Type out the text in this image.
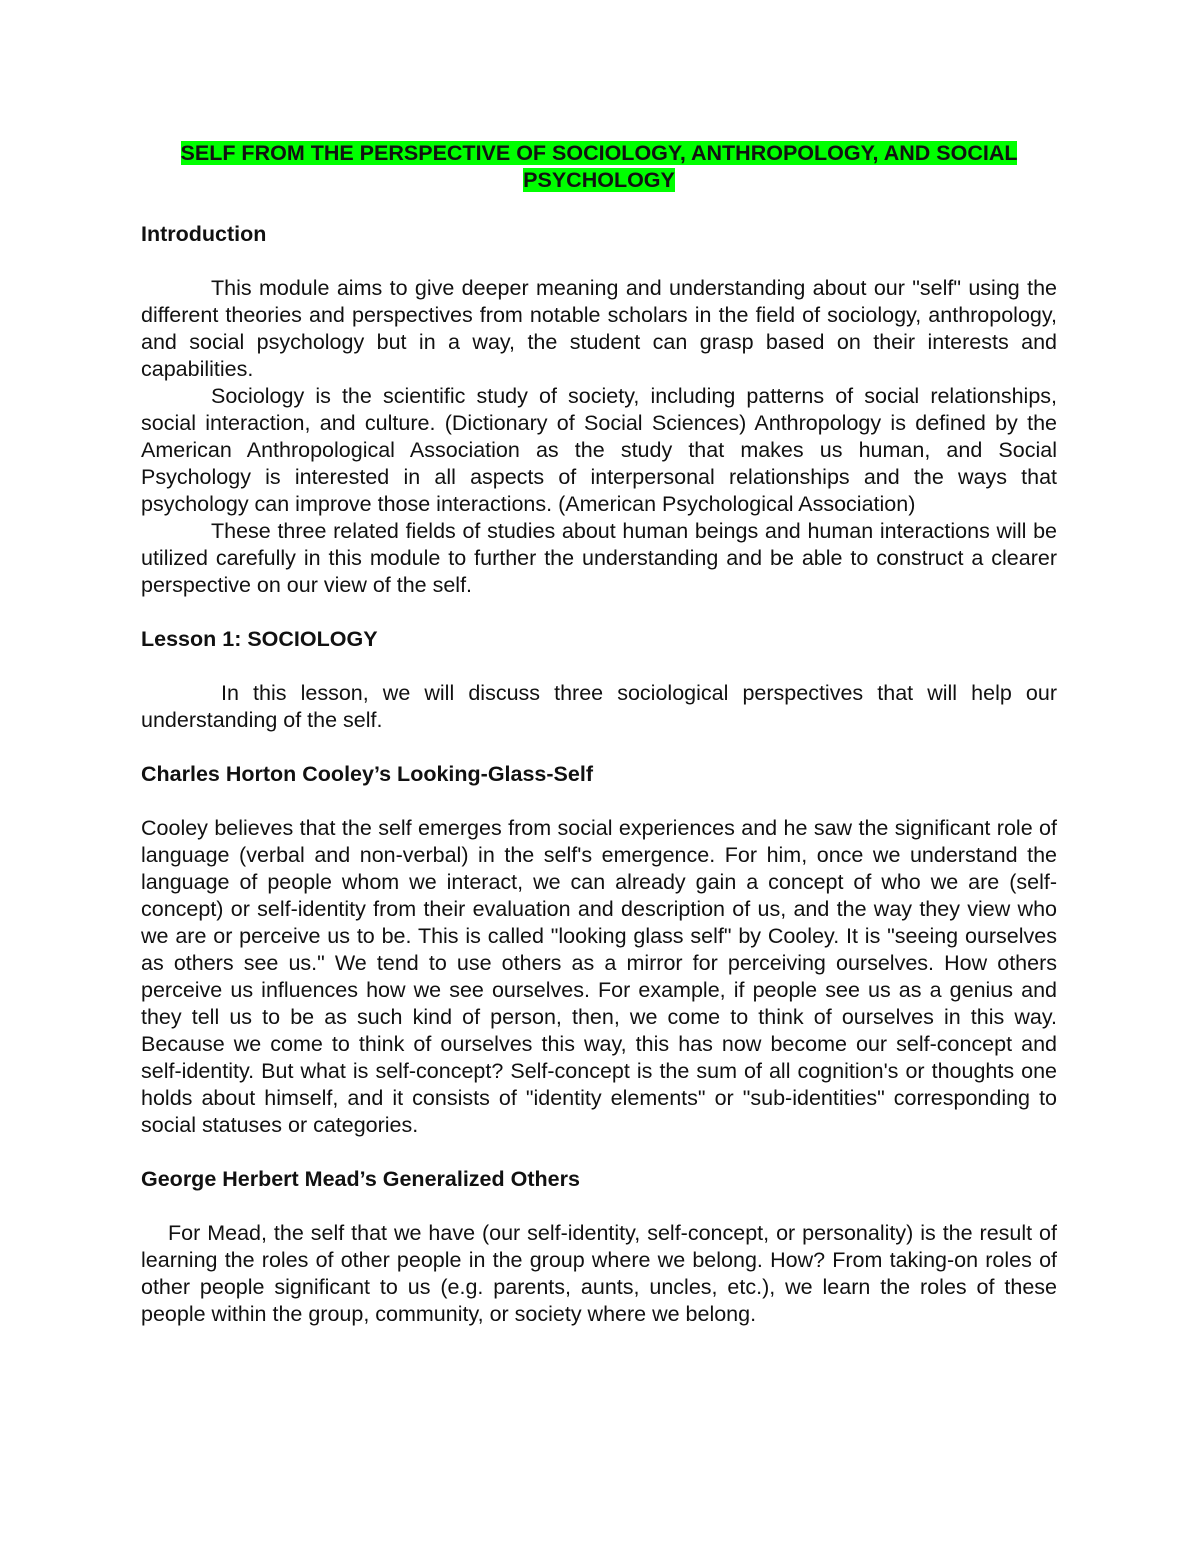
SELF FROM THE PERSPECTIVE OF SOCIOLOGY, ANTHROPOLOGY, AND SOCIAL PSYCHOLOGY
Introduction

This module aims to give deeper meaning and understanding about our "self" using the different theories and perspectives from notable scholars in the field of sociology, anthropology, and social psychology but in a way, the student can grasp based on their interests and capabilities.

Sociology is the scientific study of society, including patterns of social relationships, social interaction, and culture. (Dictionary of Social Sciences) Anthropology is defined by the American Anthropological Association as the study that makes us human, and Social Psychology is interested in all aspects of interpersonal relationships and the ways that psychology can improve those interactions. (American Psychological Association)

These three related fields of studies about human beings and human interactions will be utilized carefully in this module to further the understanding and be able to construct a clearer perspective on our view of the self.

Lesson 1: SOCIOLOGY

In this lesson, we will discuss three sociological perspectives that will help our understanding of the self.

Charles Horton Cooley’s Looking-Glass-Self

Cooley believes that the self emerges from social experiences and he saw the significant role of language (verbal and non-verbal) in the self's emergence. For him, once we understand the language of people whom we interact, we can already gain a concept of who we are (self-concept) or self-identity from their evaluation and description of us, and the way they view who we are or perceive us to be. This is called "looking glass self" by Cooley. It is "seeing ourselves as others see us." We tend to use others as a mirror for perceiving ourselves. How others perceive us influences how we see ourselves. For example, if people see us as a genius and they tell us to be as such kind of person, then, we come to think of ourselves in this way. Because we come to think of ourselves this way, this has now become our self-concept and self-identity. But what is self-concept? Self-concept is the sum of all cognition's or thoughts one holds about himself, and it consists of "identity elements" or "sub-identities" corresponding to social statuses or categories.

George Herbert Mead’s Generalized Others

For Mead, the self that we have (our self-identity, self-concept, or personality) is the result of learning the roles of other people in the group where we belong. How? From taking-on roles of other people significant to us (e.g. parents, aunts, uncles, etc.), we learn the roles of these people within the group, community, or society where we belong.
